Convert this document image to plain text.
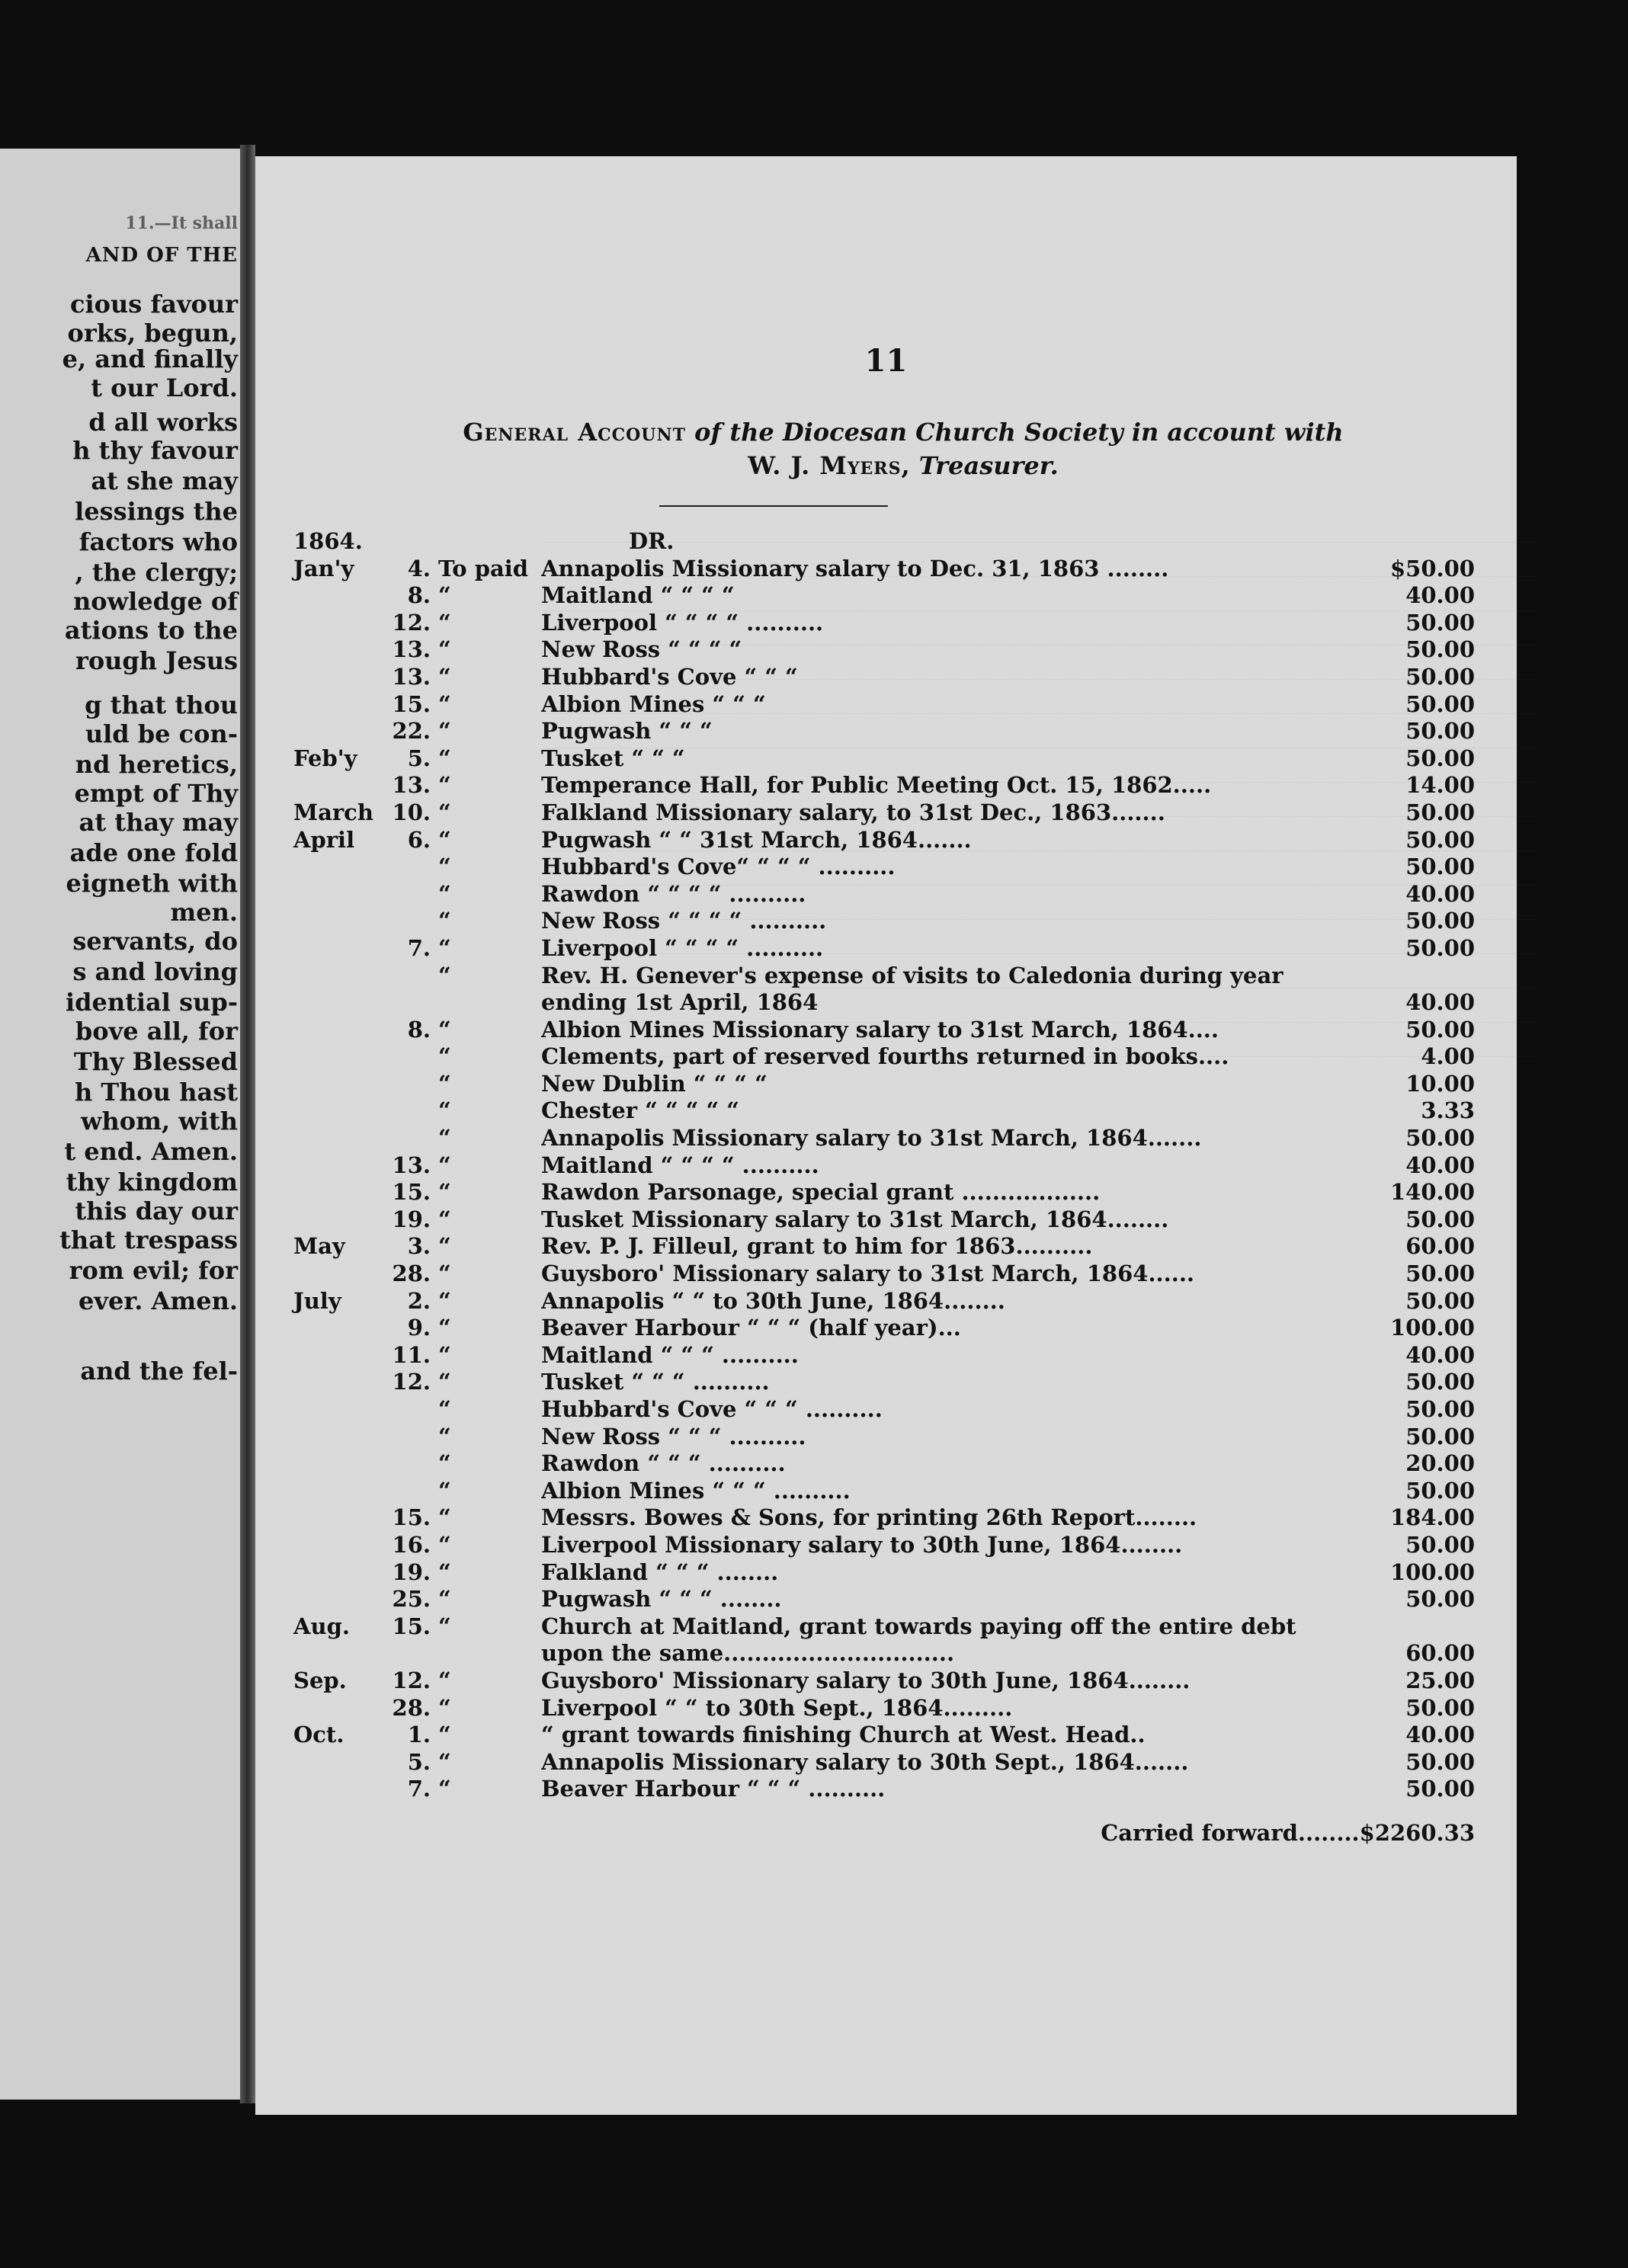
11.—It shall
AND OF THE
cious favour
orks, begun,
e, and finally
t our Lord.
d all works
h thy favour
at she may
lessings the
factors who
, the clergy;
nowledge of
ations to the
rough Jesus
g that thou
uld be con-
nd heretics,
empt of Thy
at thay may
ade one fold
eigneth with
men.
servants, do
s and loving
idential sup-
bove all, for
Thy Blessed
h Thou hast
whom, with
t end. Amen.
thy kingdom
this day our
that trespass
rom evil; for
ever. Amen.
and the fel-
11
General Account of the Diocesan Church Society in account with
W. J. Myers, Treasurer.
1864.	DR.
Jan'y	4. To paid Annapolis Missionary salary to Dec. 31, 1863 ........	$50.00
8. “	Maitland “ “ “ “	40.00
12. “	Liverpool “ “ “ “ ..........	50.00
13. “	New Ross “ “ “ “	50.00
13. “	Hubbard's Cove “ “ “	50.00
15. “	Albion Mines “ “ “	50.00
22. “	Pugwash “ “ “	50.00
Feb'y	5. “	Tusket “ “ “	50.00
13. “	Temperance Hall, for Public Meeting Oct. 15, 1862.....	14.00
March 10. “	Falkland Missionary salary, to 31st Dec., 1863.......	50.00
April	6. “	Pugwash “ “ 31st March, 1864.......	50.00
“	Hubbard's Cove“ “ “ “ ..........	50.00
“	Rawdon “ “ “ “ ..........	40.00
“	New Ross “ “ “ “ ..........	50.00
7. “	Liverpool “ “ “ “ ..........	50.00
“	Rev. H. Genever's expense of visits to Caledonia during year ending 1st April, 1864	40.00
8. “	Albion Mines Missionary salary to 31st March, 1864....	50.00
“	Clements, part of reserved fourths returned in books....	4.00
“	New Dublin “ “ “ “	10.00
“	Chester “ “ “ “ “	3.33
“	Annapolis Missionary salary to 31st March, 1864.......	50.00
13. “	Maitland “ “ “ “ ..........	40.00
15. “	Rawdon Parsonage, special grant ..................	140.00
19. “	Tusket Missionary salary to 31st March, 1864........	50.00
May	3. “	Rev. P. J. Filleul, grant to him for 1863..........	60.00
28. “	Guysboro' Missionary salary to 31st March, 1864......	50.00
July	2. “	Annapolis “ “ to 30th June, 1864........	50.00
9. “	Beaver Harbour “ “ “ (half year)...	100.00
11. “	Maitland “ “ “ ..........	40.00
12. “	Tusket “ “ “ ..........	50.00
“	Hubbard's Cove “ “ “ ..........	50.00
“	New Ross “ “ “ ..........	50.00
“	Rawdon “ “ “ ..........	20.00
“	Albion Mines “ “ “ ..........	50.00
15. “	Messrs. Bowes & Sons, for printing 26th Report........	184.00
16. “	Liverpool Missionary salary to 30th June, 1864........	50.00
19. “	Falkland “ “ “ ........	100.00
25. “	Pugwash “ “ “ ........	50.00
Aug.	15. “	Church at Maitland, grant towards paying off the entire debt upon the same..............................	60.00
Sep.	12. “	Guysboro' Missionary salary to 30th June, 1864........	25.00
28. “	Liverpool “ “ to 30th Sept., 1864.........	50.00
Oct.	1. “	“ grant towards finishing Church at West. Head..	40.00
5. “	Annapolis Missionary salary to 30th Sept., 1864.......	50.00
7. “	Beaver Harbour “ “ “ ..........	50.00
Carried forward........$2260.33
